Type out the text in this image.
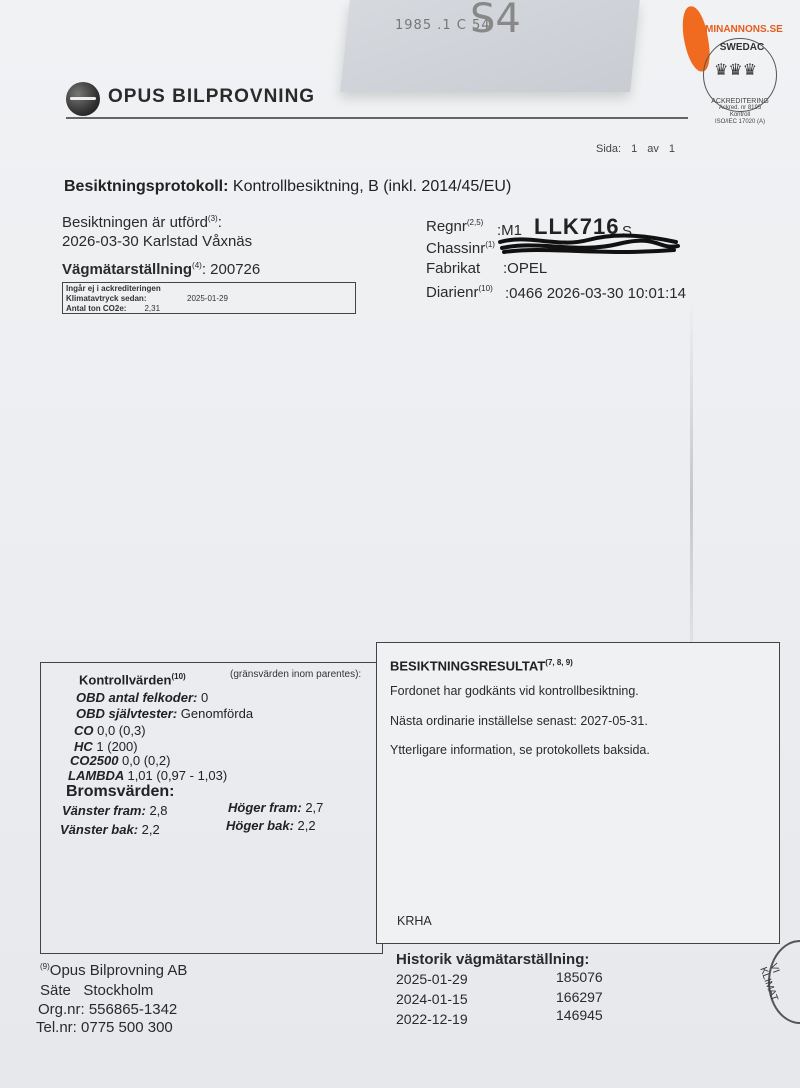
1985 .1 C 54
S4
OPUS BILPROVNING
MINANNONS.SE
SWEDAC
♛♛♛
ACKREDITERING
Ackred. nr 8195
Kontroll
ISO/IEC 17020 (A)
Sida: 1 av 1
Besiktningsprotokoll: Kontrollbesiktning, B (inkl. 2014/45/EU)
Besiktningen är utförd$^{(3)}$:
2026-03-30 Karlstad Våxnäs
Vägmätarställning$^{(4)}$: 200726
Ingår ej i ackrediteringen
Klimatavtryck sedan:	2025-01-29
Antal ton CO2e: 2,31
Regnr$^{(2,5)}$ :M1 LLK716 S
Chassinr$^{(1)}$
Fabrikat :OPEL
Diarienr$^{(10)}$ :0466 2026-03-30 10:01:14
Kontrollvärden$^{(10)}$	(gränsvärden inom parentes):
OBD antal felkoder: 0
OBD självtester: Genomförda
CO 0,0 (0,3)
HC 1 (200)
CO2500 0,0 (0,2)
LAMBDA 1,01 (0,97 - 1,03)
Bromsvärden:
Vänster fram: 2,8	Höger fram: 2,7
Vänster bak: 2,2	Höger bak: 2,2
BESIKTNINGSRESULTAT$^{(7, 8, 9)}$
Fordonet har godkänts vid kontrollbesiktning.
Nästa ordinarie inställelse senast: 2027-05-31.
Ytterligare information, se protokollets baksida.
KRHA
$^{(9)}$Opus Bilprovning AB
Säte Stockholm
Org.nr: 556865-1342
Tel.nr: 0775 500 300
Historik vägmätarställning:
2025-01-29	185076
2024-01-15	166297
2022-12-19	146945
VI KLIMAT
